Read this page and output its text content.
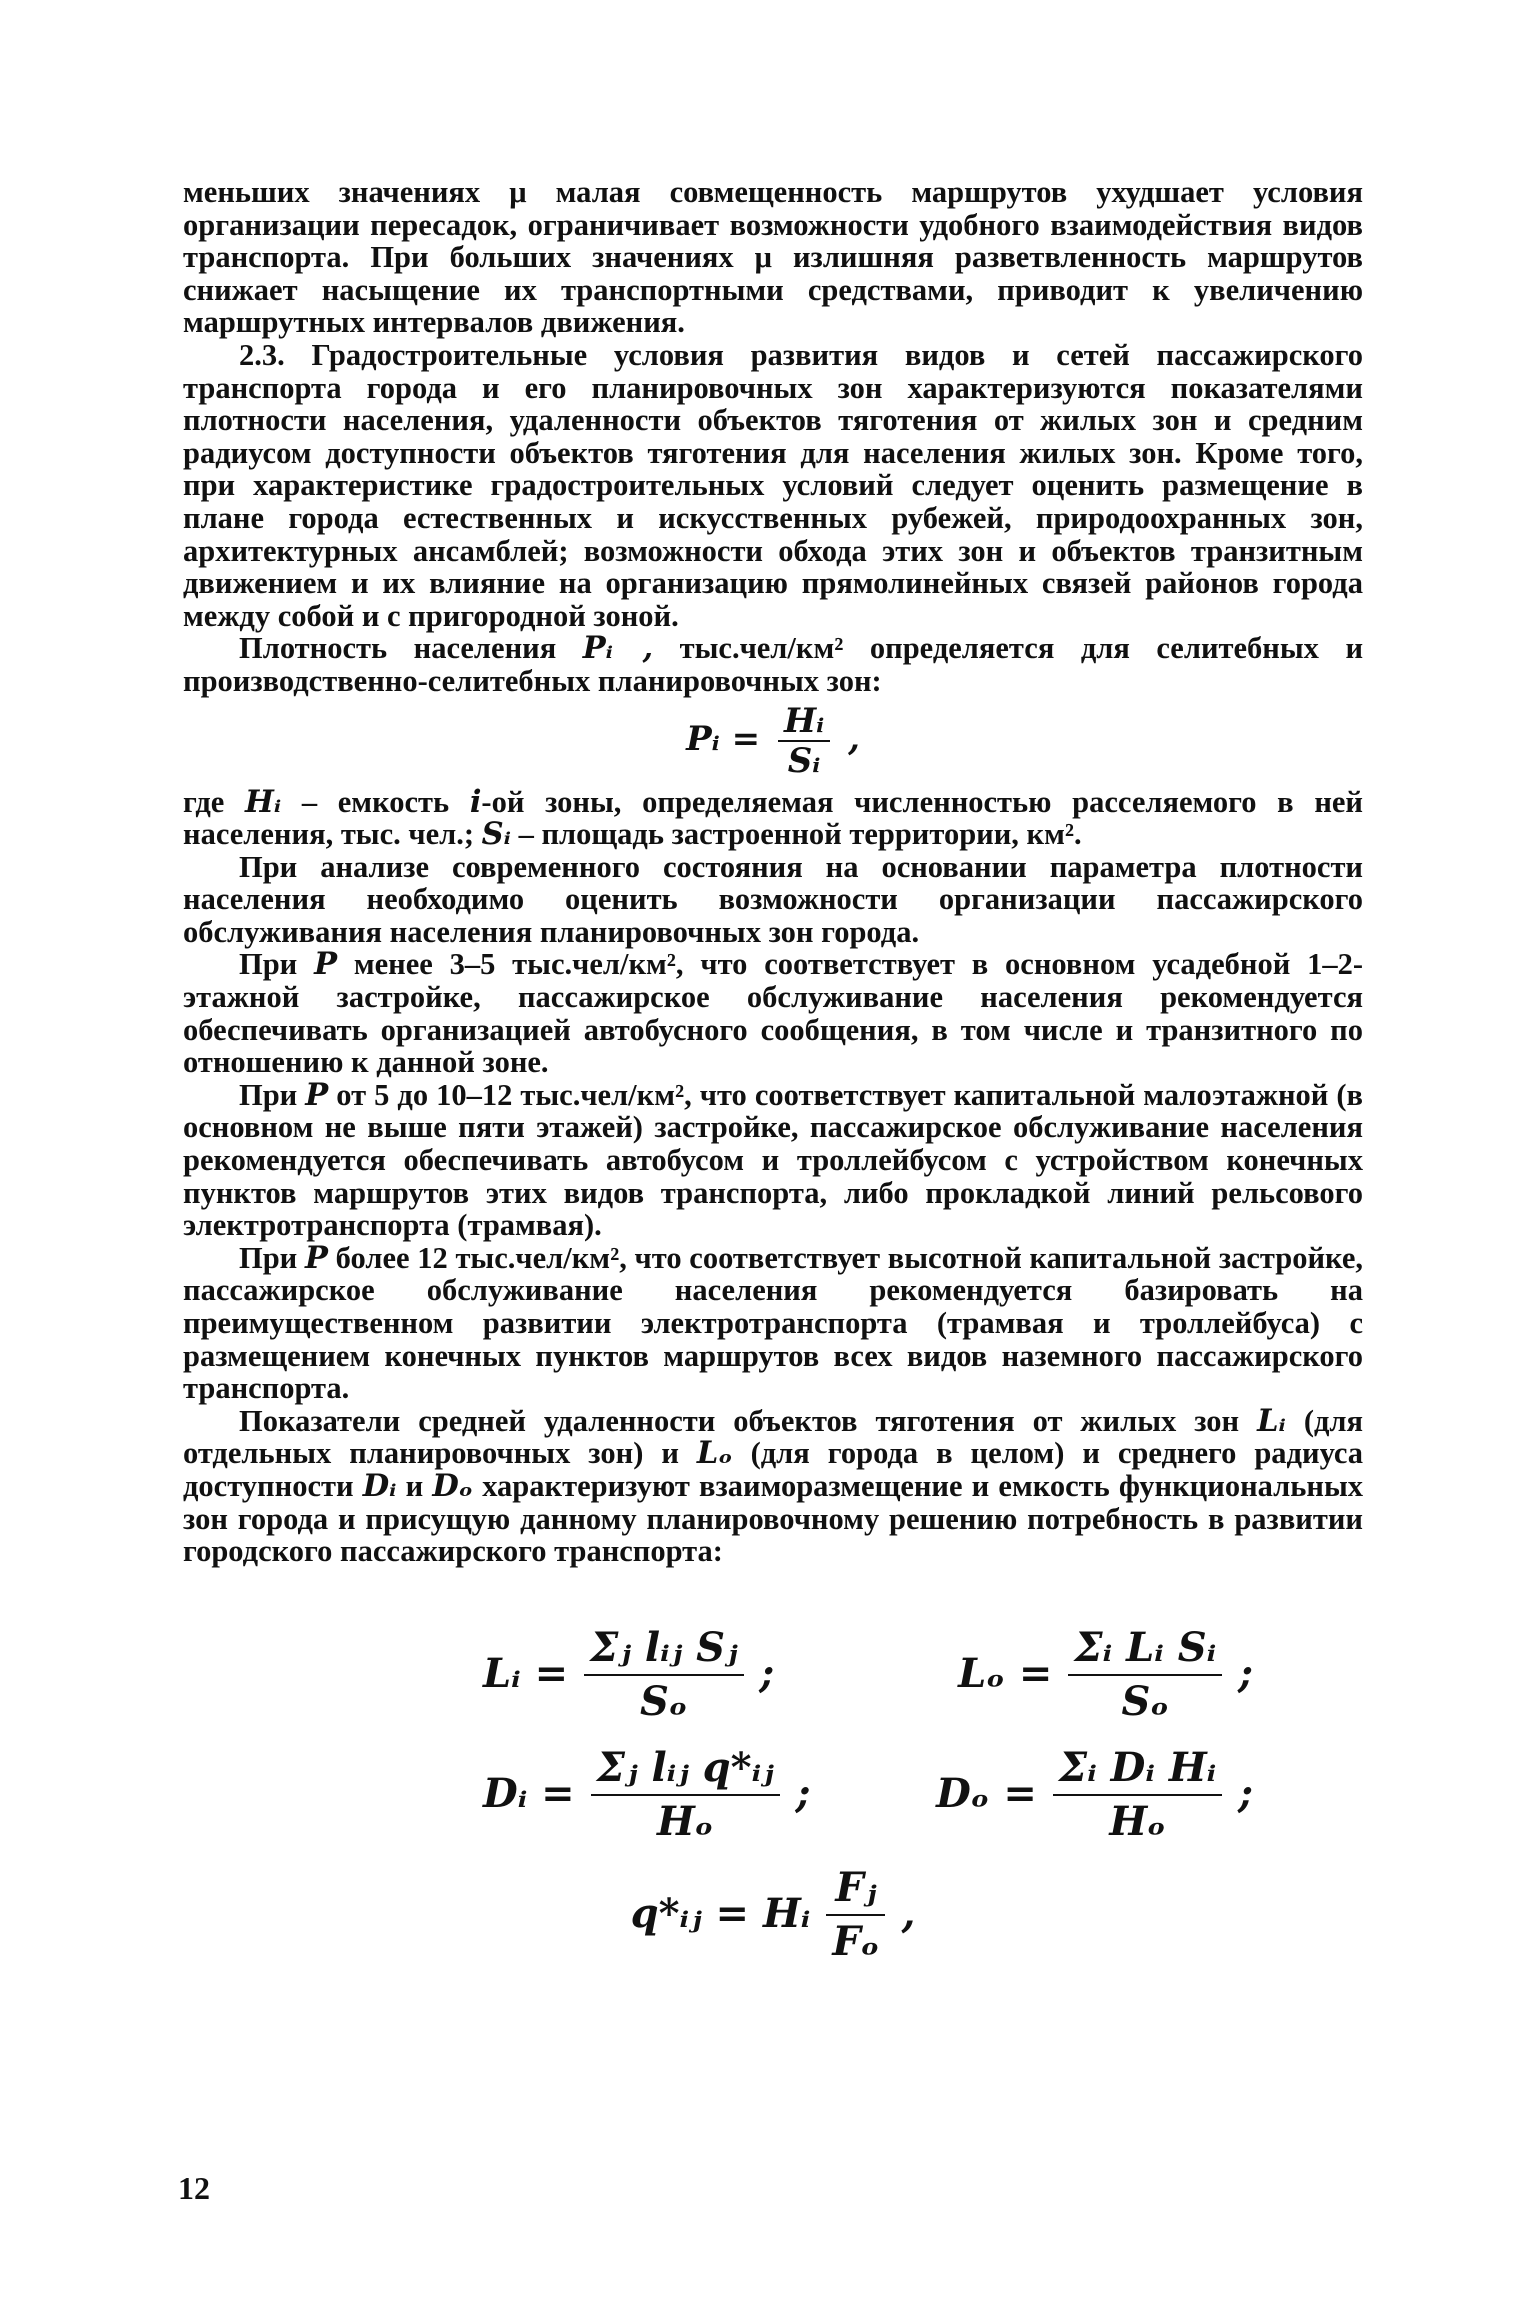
меньших значениях μ малая совмещенность маршрутов ухудшает условия организации пересадок, ограничивает возможности удобного взаимодействия видов транспорта. При больших значениях μ излишняя разветвленность маршрутов снижает насыщение их транспортными средствами, приводит к увеличению маршрутных интервалов движения.

2.3. Градостроительные условия развития видов и сетей пассажирского транспорта города и его планировочных зон характеризуются показателями плотности населения, удаленности объектов тяготения от жилых зон и средним радиусом доступности объектов тяготения для населения жилых зон. Кроме того, при характеристике градостроительных условий следует оценить размещение в плане города естественных и искусственных рубежей, природоохранных зон, архитектурных ансамблей; возможности обхода этих зон и объектов транзитным движением и их влияние на организацию прямолинейных связей районов города между собой и с пригородной зоной.

Плотность населения Pᵢ , тыс.чел/км² определяется для селитебных и производственно-селитебных планировочных зон:

Pᵢ = $\frac{\text{Hᵢ}}{\text{Sᵢ}}$ ,

где Hᵢ – емкость i-ой зоны, определяемая численностью расселяемого в ней населения, тыс. чел.; Sᵢ – площадь застроенной территории, км².

При анализе современного состояния на основании параметра плотности населения необходимо оценить возможности организации пассажирского обслуживания населения планировочных зон города.

При P менее 3–5 тыс.чел/км², что соответствует в основном усадебной 1–2-этажной застройке, пассажирское обслуживание населения рекомендуется обеспечивать организацией автобусного сообщения, в том числе и транзитного по отношению к данной зоне.

При P от 5 до 10–12 тыс.чел/км², что соответствует капитальной малоэтажной (в основном не выше пяти этажей) застройке, пассажирское обслуживание населения рекомендуется обеспечивать автобусом и троллейбусом с устройством конечных пунктов маршрутов этих видов транспорта, либо прокладкой линий рельсового электротранспорта (трамвая).

При P более 12 тыс.чел/км², что соответствует высотной капитальной застройке, пассажирское обслуживание населения рекомендуется базировать на преимущественном развитии электротранспорта (трамвая и троллейбуса) с размещением конечных пунктов маршрутов всех видов наземного пассажирского транспорта.

Показатели средней удаленности объектов тяготения от жилых зон Lᵢ (для отдельных планировочных зон) и Lₒ (для города в целом) и среднего радиуса доступности Dᵢ и Dₒ характеризуют взаиморазмещение и емкость функциональных зон города и присущую данному планировочному решению потребность в развитии городского пассажирского транспорта:

Lᵢ = $\frac{\text{Σⱼ lᵢⱼ Sⱼ}}{\text{Sₒ}}$ ;	$L_o = \frac{\text{Σᵢ Lᵢ Sᵢ}}{\text{Sₒ}}$ ;
Dᵢ = $\frac{\text{Σⱼ lᵢⱼ q*ᵢⱼ}}{\text{Hₒ}}$ ;	$D_o = \frac{\text{Σᵢ Dᵢ Hᵢ}}{\text{Hₒ}}$ ;
q*ᵢⱼ = Hᵢ $\frac{\text{Fⱼ}}{\text{Fₒ}}$ ,
12
